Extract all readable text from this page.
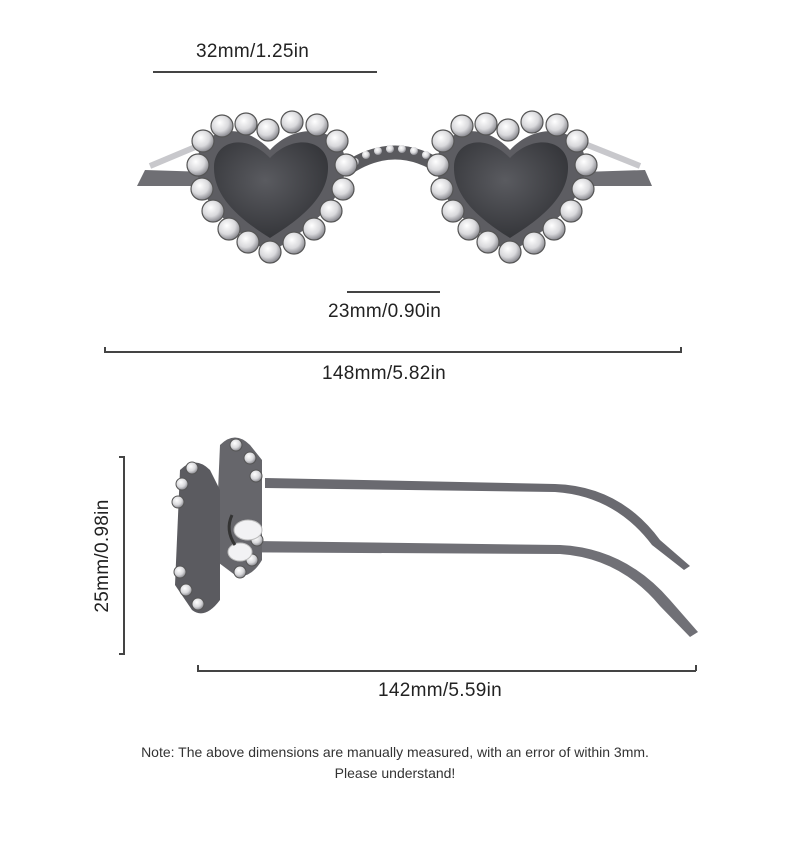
32mm/1.25in
23mm/0.90in
148mm/5.82in
25mm/0.98in
142mm/5.59in
Note: The above dimensions are manually measured, with an error of within 3mm.
Please understand!
